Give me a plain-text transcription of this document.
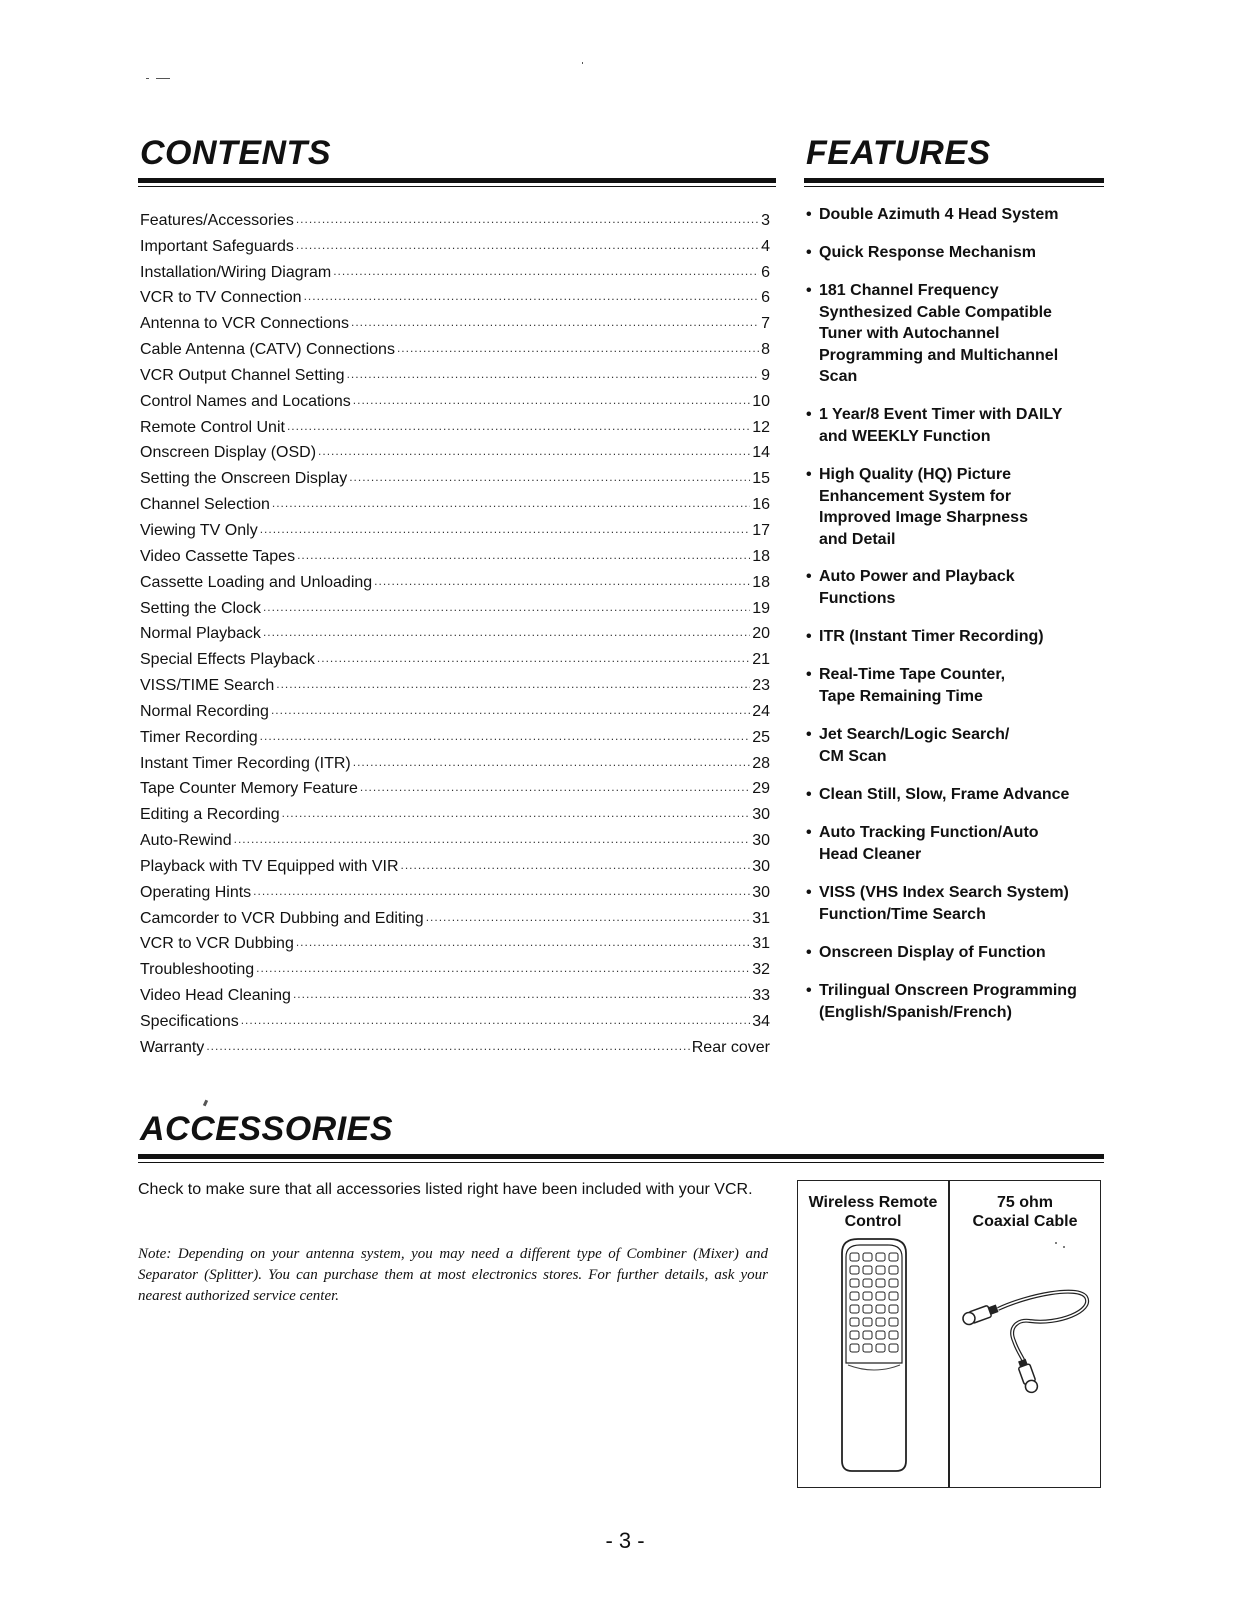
CONTENTS
Features/Accessories .....	3
Important Safeguards .....	4
Installation/Wiring Diagram .....	6
VCR to TV Connection .....	6
Antenna to VCR Connections .....	7
Cable Antenna (CATV) Connections .....	8
VCR Output Channel Setting .....	9
Control Names and Locations .....	10
Remote Control Unit .....	12
Onscreen Display (OSD) .....	14
Setting the Onscreen Display .....	15
Channel Selection .....	16
Viewing TV Only .....	17
Video Cassette Tapes .....	18
Cassette Loading and Unloading .....	18
Setting the Clock .....	19
Normal Playback .....	20
Special Effects Playback .....	21
VISS/TIME Search .....	23
Normal Recording .....	24
Timer Recording .....	25
Instant Timer Recording (ITR) .....	28
Tape Counter Memory Feature .....	29
Editing a Recording .....	30
Auto-Rewind .....	30
Playback with TV Equipped with VIR .....	30
Operating Hints .....	30
Camcorder to VCR Dubbing and Editing .....	31
VCR to VCR Dubbing .....	31
Troubleshooting .....	32
Video Head Cleaning .....	33
Specifications .....	34
Warranty .....	Rear cover
FEATURES
• Double Azimuth 4 Head System
• Quick Response Mechanism
• 181 Channel Frequency
Synthesized Cable Compatible
Tuner with Autochannel
Programming and Multichannel
Scan
• 1 Year/8 Event Timer with DAILY
and WEEKLY Function
• High Quality (HQ) Picture
Enhancement System for
Improved Image Sharpness
and Detail
• Auto Power and Playback
Functions
• ITR (Instant Timer Recording)
• Real-Time Tape Counter,
Tape Remaining Time
• Jet Search/Logic Search/
CM Scan
• Clean Still, Slow, Frame Advance
• Auto Tracking Function/Auto
Head Cleaner
• VISS (VHS Index Search System)
Function/Time Search
• Onscreen Display of Function
• Trilingual Onscreen Programming
(English/Spanish/French)
ACCESSORIES

Check to make sure that all accessories listed right have been included with your VCR.

Note: Depending on your antenna system, you may need a different type of Combiner (Mixer) and Separator (Splitter). You can purchase them at most electronics stores. For further details, ask your nearest authorized service center.

Wireless Remote
Control
75 ohm
Coaxial Cable
- 3 -
